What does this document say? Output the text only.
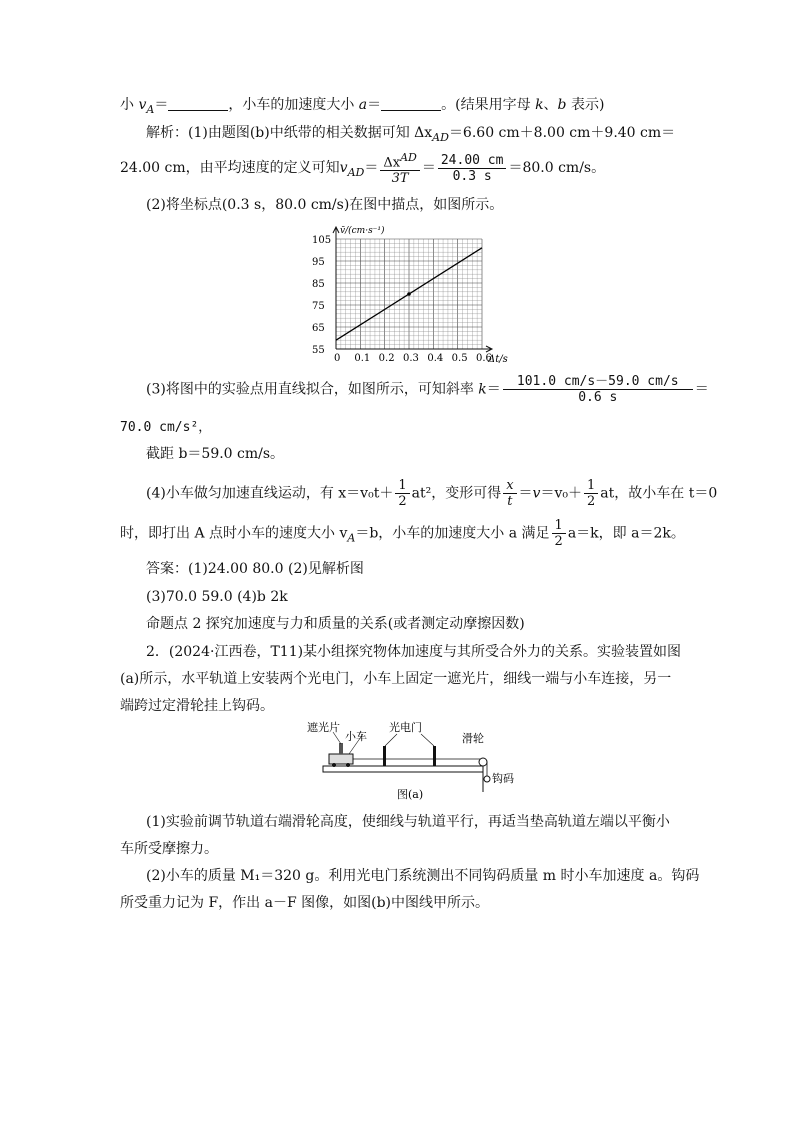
小 $v_A=$	，小车的加速度大小 a＝	。(结果用字母 k、b 表示)
解析：(1)由题图(b)中纸带的相关数据可知 $\Delta x_{AD}=6.60$ cm＋8.00 cm＋9.40 cm＝
24.00 cm，由平均速度的定义可知$v_{AD}= \frac{\Delta x^{AD}}{3T} = \frac{24.00 cm}{0.3 s} =80.0$ cm/s。
(2)将坐标点(0.3 s，80.0 cm/s)在图中描点，如图所示。
0 0.1 0.2 0.3 0.4 0.5 0.6
55
65
75
85
95
105
v̄/(cm·s⁻¹)
Δt/s
(3)将图中的实验点用直线拟合，如图所示，可知斜率 $k= \frac{101.0 cm/s-59.0 cm/s}{0.6 s}$ ＝
70.0 cm/s²，
截距 b＝59.0 cm/s。
(4)小车做匀加速直线运动，有 $x=v_0t+ \frac{1}{2} at^2$，变形可得 $\frac{x}{t} =v=v_0+ \frac{1}{2}$ at，故小车在 t＝0
时，即打出 A 点时小车的速度大小 $v_A=b$，小车的加速度大小 a 满足 $\frac{1}{2} a=k$，即 a＝2k。
答案：(1)24.00 80.0 (2)见解析图
(3)70.0 59.0 (4)b 2k
命题点 2 探究加速度与力和质量的关系(或者测定动摩擦因数)
2．(2024·江西卷，T11)某小组探究物体加速度与其所受合外力的关系。实验装置如图
(a)所示，水平轨道上安装两个光电门，小车上固定一遮光片，细线一端与小车连接，另一
端跨过定滑轮挂上钩码。
遮光片
小车
光电门
滑轮
钩码
图(a)
(1)实验前调节轨道右端滑轮高度，使细线与轨道平行，再适当垫高轨道左端以平衡小
车所受摩擦力。
(2)小车的质量 M₁＝320 g。利用光电门系统测出不同钩码质量 m 时小车加速度 a。钩码
所受重力记为 F，作出 a－F 图像，如图(b)中图线甲所示。
